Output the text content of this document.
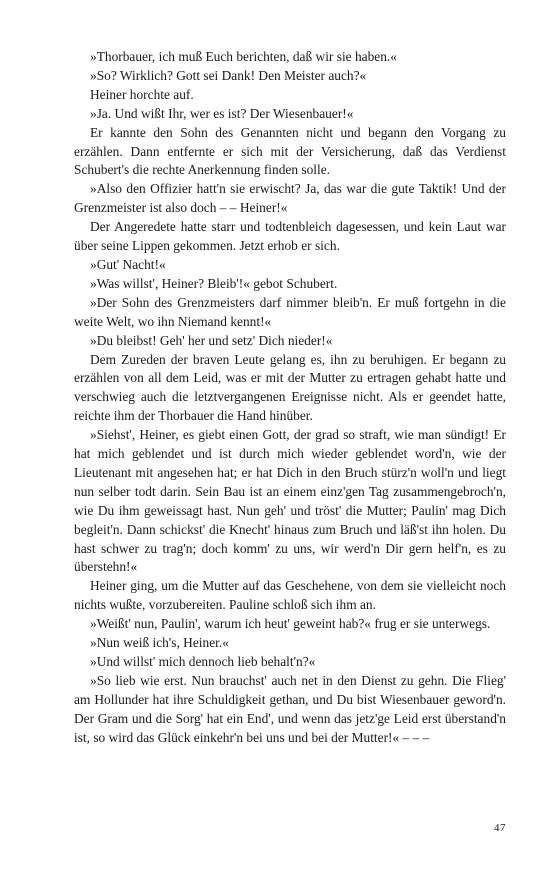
»Thorbauer, ich muß Euch berichten, daß wir sie haben.«

»So? Wirklich? Gott sei Dank! Den Meister auch?«

Heiner horchte auf.

»Ja. Und wißt Ihr, wer es ist? Der Wiesenbauer!«

Er kannte den Sohn des Genannten nicht und begann den Vorgang zu erzählen. Dann entfernte er sich mit der Versicherung, daß das Verdienst Schubert's die rechte Anerkennung finden solle.

»Also den Offizier hatt'n sie erwischt? Ja, das war die gute Taktik! Und der Grenzmeister ist also doch – – Heiner!«

Der Angeredete hatte starr und todtenbleich dagesessen, und kein Laut war über seine Lippen gekommen. Jetzt erhob er sich.

»Gut' Nacht!«

»Was willst', Heiner? Bleib'!« gebot Schubert.

»Der Sohn des Grenzmeisters darf nimmer bleib'n. Er muß fortgehn in die weite Welt, wo ihn Niemand kennt!«

»Du bleibst! Geh' her und setz' Dich nieder!«

Dem Zureden der braven Leute gelang es, ihn zu beruhigen. Er begann zu erzählen von all dem Leid, was er mit der Mutter zu ertragen gehabt hatte und verschwieg auch die letztvergangenen Ereignisse nicht. Als er geendet hatte, reichte ihm der Thorbauer die Hand hinüber.

»Siehst', Heiner, es giebt einen Gott, der grad so straft, wie man sündigt! Er hat mich geblendet und ist durch mich wieder geblendet word'n, wie der Lieutenant mit angesehen hat; er hat Dich in den Bruch stürz'n woll'n und liegt nun selber todt darin. Sein Bau ist an einem einz'gen Tag zusammengebroch'n, wie Du ihm geweissagt hast. Nun geh' und tröst' die Mutter; Paulin' mag Dich begleit'n. Dann schickst' die Knecht' hinaus zum Bruch und läß'st ihn holen. Du hast schwer zu trag'n; doch komm' zu uns, wir werd'n Dir gern helf'n, es zu überstehn!«

Heiner ging, um die Mutter auf das Geschehene, von dem sie vielleicht noch nichts wußte, vorzubereiten. Pauline schloß sich ihm an.

»Weißt' nun, Paulin', warum ich heut' geweint hab?« frug er sie unterwegs.

»Nun weiß ich's, Heiner.«

»Und willst' mich dennoch lieb behalt'n?«

»So lieb wie erst. Nun brauchst' auch net in den Dienst zu gehn. Die Flieg' am Hollunder hat ihre Schuldigkeit gethan, und Du bist Wiesenbauer geword'n. Der Gram und die Sorg' hat ein End', und wenn das jetz'ge Leid erst überstand'n ist, so wird das Glück einkehr'n bei uns und bei der Mutter!« – – –

47
